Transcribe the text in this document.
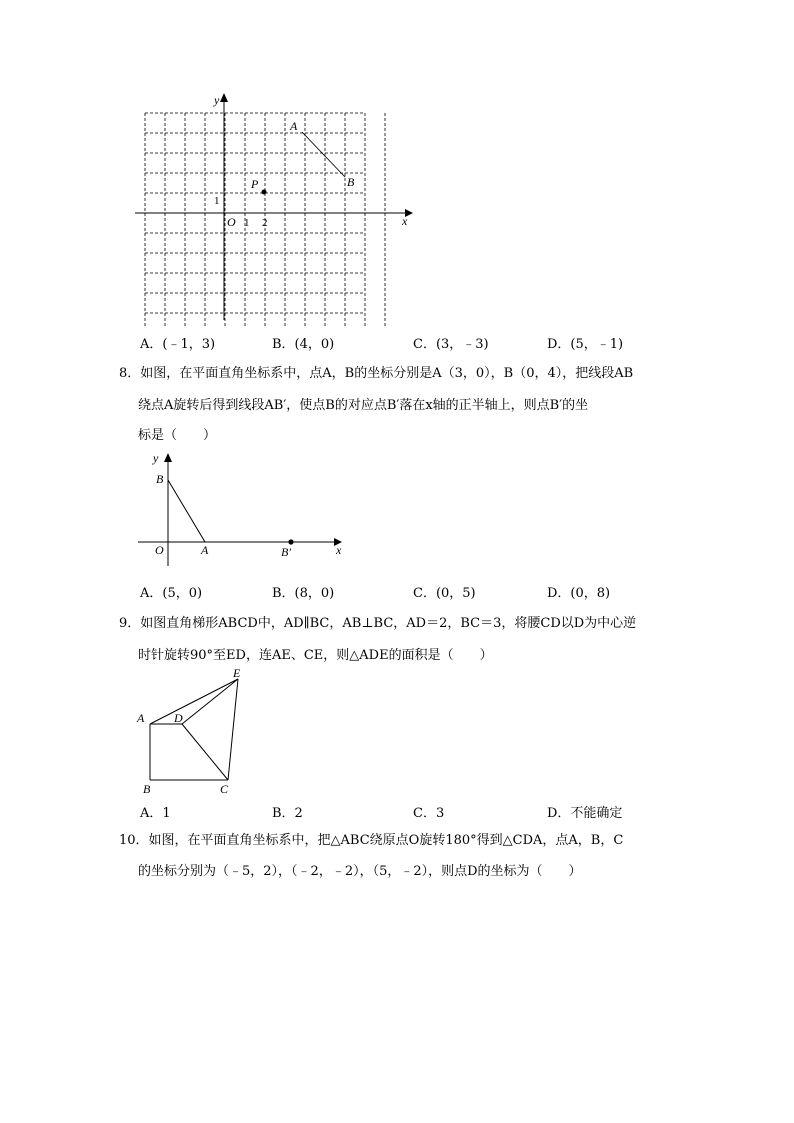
x
y
O 1 2
1
A
B
P
A．(﹣1，3)	B．(4，0)	C．(3，﹣3)	D．(5，﹣1)
8．如图，在平面直角坐标系中，点A，B的坐标分别是A（3，0），B（0，4），把线段AB
绕点A旋转后得到线段AB′，使点B的对应点B′落在x轴的正半轴上，则点B′的坐
标是（　　）
y
x
B
O	A	B′
A．(5，0)	B．(8，0)	C．(0，5)	D．(0，8)
9．如图直角梯形ABCD中，AD∥BC，AB⊥BC，AD＝2，BC＝3，将腰CD以D为中心逆
时针旋转90°至ED，连AE、CE，则△ADE的面积是（　　）
E
A D
B	C
A．1	B．2	C．3	D．不能确定
10．如图，在平面直角坐标系中，把△ABC绕原点O旋转180°得到△CDA，点A，B，C
的坐标分别为（﹣5，2），（﹣2，﹣2），（5，﹣2），则点D的坐标为（　　）
